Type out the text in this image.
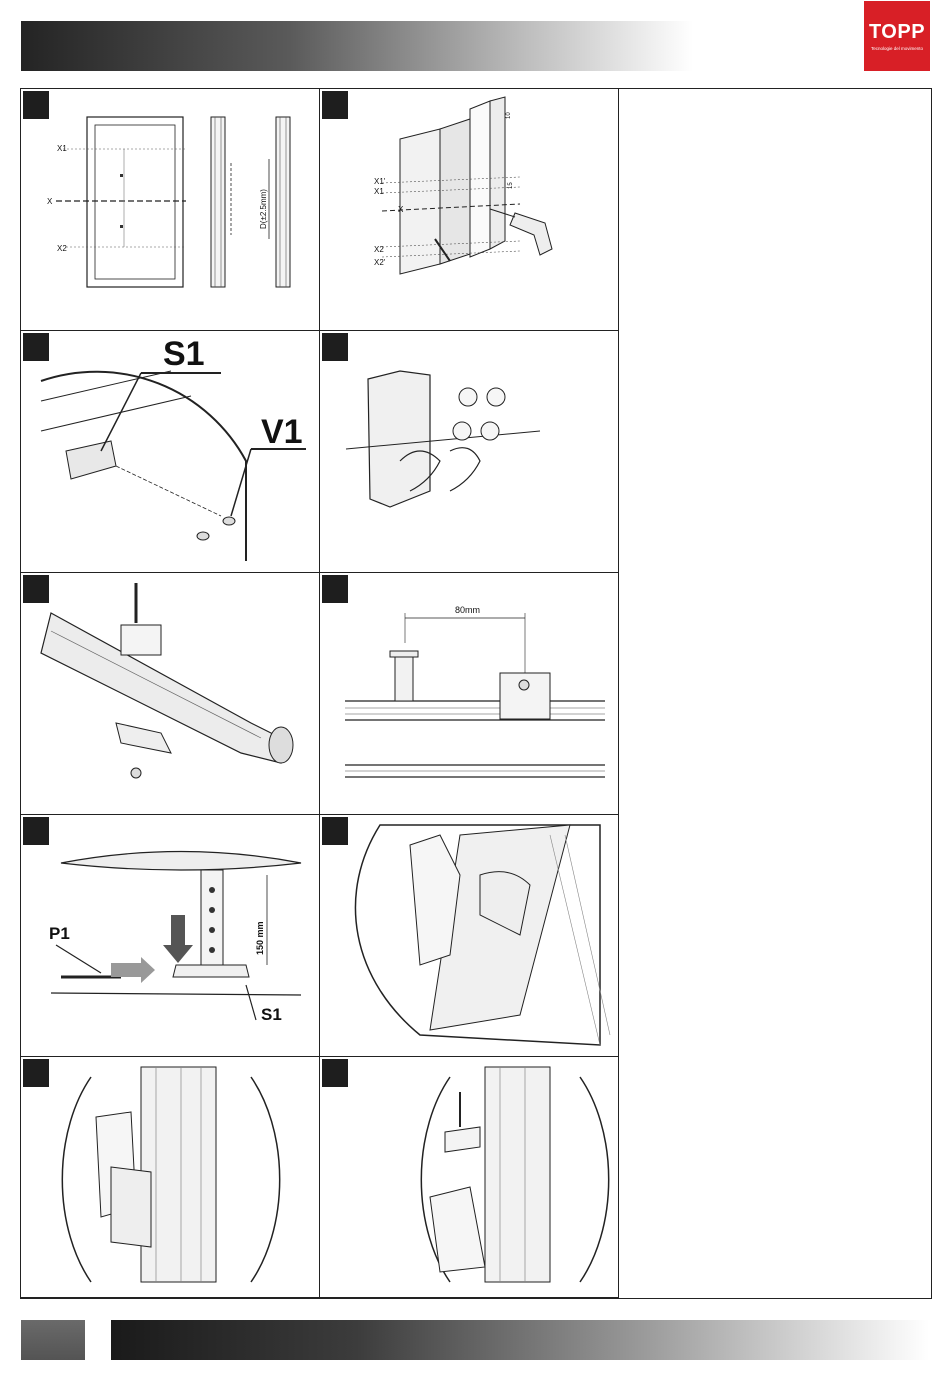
TOPP
Tecnologie del movimento
X1
X
X2
D(±2.5mm)
X1'
X1
X
X2
X2'
10
15
S1
V1
80mm
150 mm
P1
S1
